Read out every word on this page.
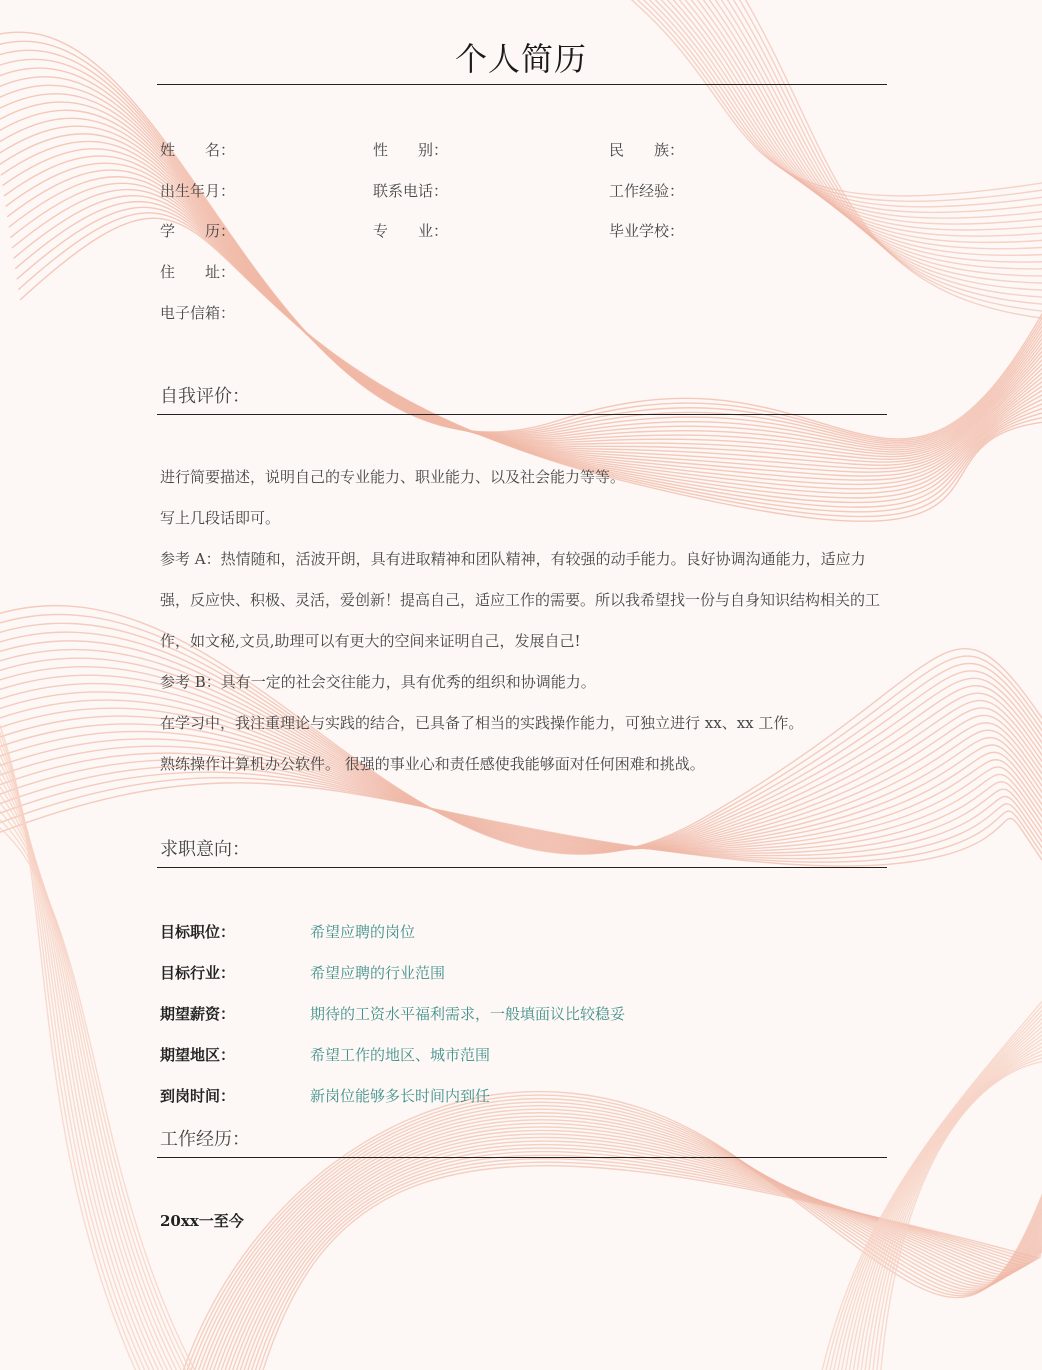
个人简历
姓　　名：	性　　别：	民　　族：
出生年月：	联系电话：	工作经验：
学　　历：	专　　业：	毕业学校：
住　　址：
电子信箱：
自我评价：

进行简要描述，说明自己的专业能力、职业能力、以及社会能力等等。

写上几段话即可。

参考 A：热情随和，活波开朗，具有进取精神和团队精神，有较强的动手能力。良好协调沟通能力，适应力强，反应快、积极、灵活，爱创新！提高自己，适应工作的需要。所以我希望找一份与自身知识结构相关的工作，如文秘,文员,助理可以有更大的空间来证明自己，发展自己!

参考 B：具有一定的社会交往能力，具有优秀的组织和协调能力。

在学习中，我注重理论与实践的结合，已具备了相当的实践操作能力，可独立进行 xx、xx 工作。

熟练操作计算机办公软件。 很强的事业心和责任感使我能够面对任何困难和挑战。

求职意向：
目标职位：	希望应聘的岗位
目标行业：	希望应聘的行业范围
期望薪资：	期待的工资水平福利需求，一般填面议比较稳妥
期望地区：	希望工作的地区、城市范围
到岗时间：	新岗位能够多长时间内到任
工作经历：
20xx一至今
